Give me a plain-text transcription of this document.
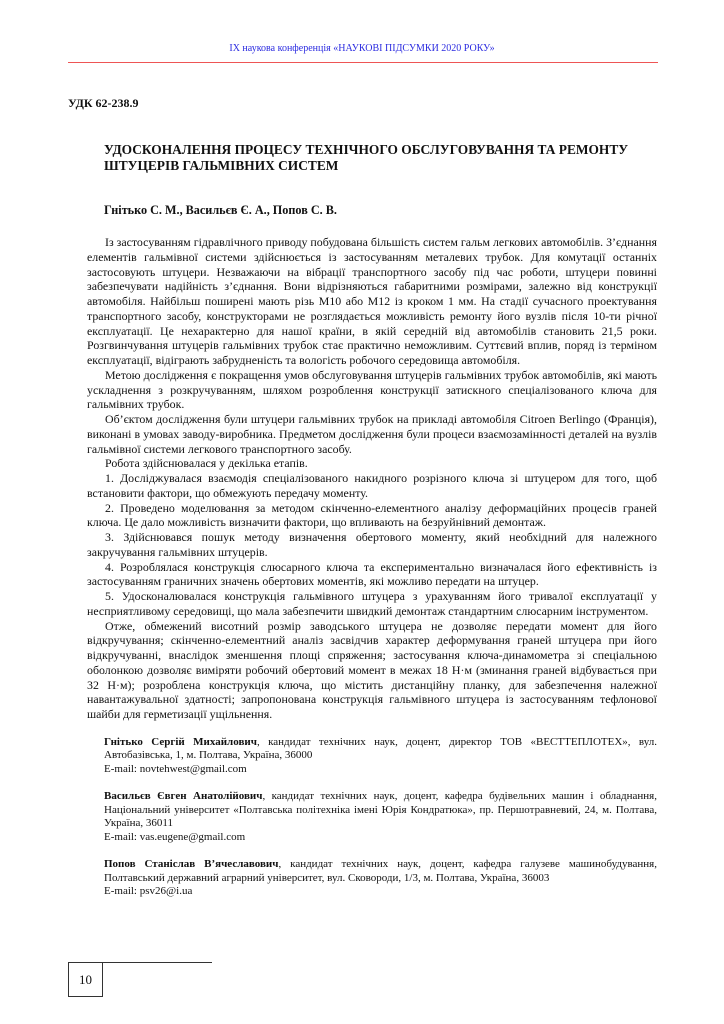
IX наукова конференція «НАУКОВІ ПІДСУМКИ 2020 РОКУ»
УДК 62-238.9
УДОСКОНАЛЕННЯ ПРОЦЕСУ ТЕХНІЧНОГО ОБСЛУГОВУВАННЯ ТА РЕМОНТУ ШТУЦЕРІВ ГАЛЬМІВНИХ СИСТЕМ
Гнітько С. М., Васильєв Є. А., Попов С. В.

Із застосуванням гідравлічного приводу побудована більшість систем гальм легкових автомобілів. З’єднання елементів гальмівної системи здійснюється із застосуванням металевих трубок. Для комутації останніх застосовують штуцери. Незважаючи на вібрації транспортного засобу під час роботи, штуцери повинні забезпечувати надійність з’єднання. Вони відрізняються габаритними розмірами, залежно від конструкції автомобіля. Найбільш поширені мають різь М10 або М12 із кроком 1 мм. На стадії сучасного проектування транспортного засобу, конструкторами не розглядається можливість ремонту його вузлів після 10-ти річної експлуатації. Це нехарактерно для нашої країни, в якій середній від автомобілів становить 21,5 роки. Розгвинчування штуцерів гальмівних трубок стає практично неможливим. Суттєвий вплив, поряд із терміном експлуатації, відіграють забрудненість та вологість робочого середовища автомобіля.

Метою дослідження є покращення умов обслуговування штуцерів гальмівних трубок автомобілів, які мають ускладнення з розкручуванням, шляхом розроблення конструкції затискного спеціалізованого ключа для гальмівних трубок.

Об’єктом дослідження були штуцери гальмівних трубок на прикладі автомобіля Citroen Berlingo (Франція), виконані в умовах заводу-виробника. Предметом дослідження були процеси взаємозамінності деталей на вузлів гальмівної системи легкового транспортного засобу.

Робота здійснювалася у декілька етапів.

1. Досліджувалася взаємодія спеціалізованого накидного розрізного ключа зі штуцером для того, щоб встановити фактори, що обмежують передачу моменту.

2. Проведено моделювання за методом скінченно-елементного аналізу деформаційних процесів граней ключа. Це дало можливість визначити фактори, що впливають на безруйнівний демонтаж.

3. Здійснювався пошук методу визначення обертового моменту, який необхідний для належного закручування гальмівних штуцерів.

4. Розроблялася конструкція слюсарного ключа та експериментально визначалася його ефективність із застосуванням граничних значень обертових моментів, які можливо передати на штуцер.

5. Удосконалювалася конструкція гальмівного штуцера з урахуванням його тривалої експлуатації у несприятливому середовищі, що мала забезпечити швидкий демонтаж стандартним слюсарним інструментом.

Отже, обмежений висотний розмір заводського штуцера не дозволяє передати момент для його відкручування; скінченно-елементний аналіз засвідчив характер деформування граней штуцера при його відкручуванні, внаслідок зменшення площі спряження; застосування ключа-динамометра зі спеціальною оболонкою дозволяє виміряти робочий обертовий момент в межах 18 Н·м (зминання граней відбувається при 32 Н·м); розроблена конструкція ключа, що містить дистанційну планку, для забезпечення належної навантажувальної здатності; запропонована конструкція гальмівного штуцера із застосуванням тефлонової шайби для герметизації ущільнення.

Гнітько Сергій Михайлович, кандидат технічних наук, доцент, директор ТОВ «ВЕСТТЕПЛОТЕХ», вул. Автобазівська, 1, м. Полтава, Україна, 36000
E-mail: novtehwest@gmail.com
Васильєв Євген Анатолійович, кандидат технічних наук, доцент, кафедра будівельних машин і обладнання, Національний університет «Полтавська політехніка імені Юрія Кондратюка», пр. Першотравневий, 24, м. Полтава, Україна, 36011
E-mail: vas.eugene@gmail.com
Попов Станіслав В’ячеславович, кандидат технічних наук, доцент, кафедра галузеве машинобудування, Полтавський державний аграрний університет, вул. Сковороди, 1/3, м. Полтава, Україна, 36003
E-mail: psv26@i.ua
10
